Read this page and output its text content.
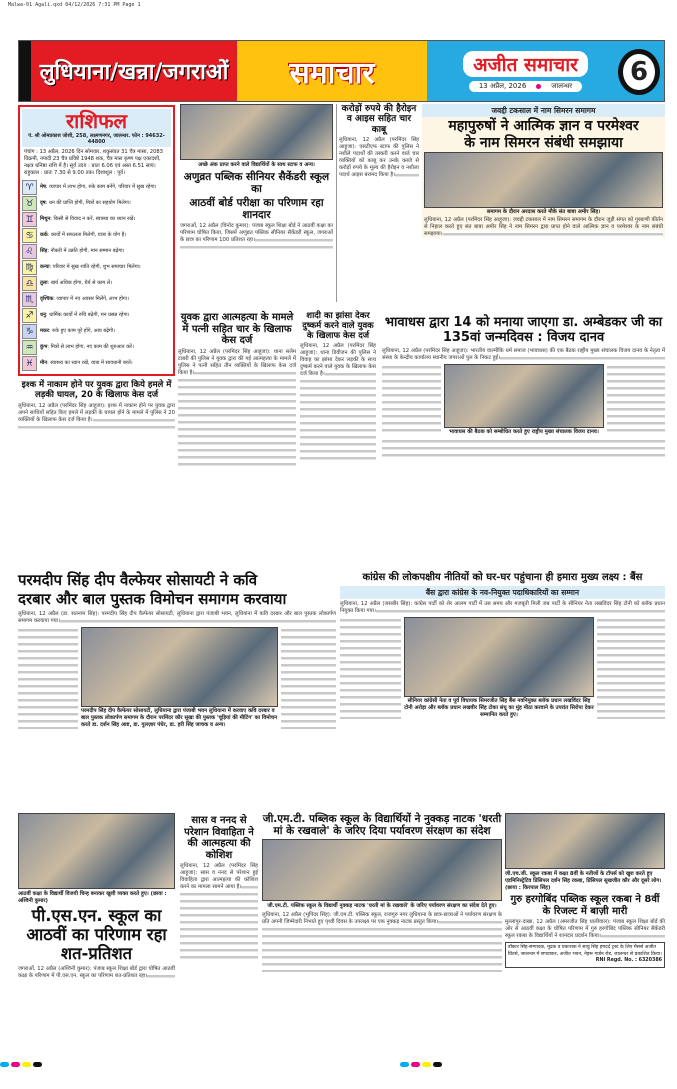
Malwa-01 Agali.qxd 04/12/2026 7:31 PM Page 1
लुधियाना/खन्ना/जगराओं	समाचार	अजीत समाचार
13 अप्रैल, 2026	जालन्धर	6
राशिफल
पं. श्री ओमप्रकाश जोशी, 258, लक्ष्मणनगर, जालन्धर. फोन : 94632-44800
पंचांग : 13 अप्रैल, 2026 दिन सोमवार, शकुसंवत 31 चैत्र मासा, 2083 विक्रमी, नपादी 23 चैत्र प्रविष्टे 1948 शक, चैत्र मास कृष्ण पक्ष एकादशी, नक्षत्र धनिष्ठा राशि में है। सूर्य उदय : प्रातः 6.06 एवं अस्त 6.51 सायं। राहुकाल : प्रातः 7.30 से 9.00 तक। दिशाशूल : पूर्व।
♈	मेष: व्यापार में लाभ होगा, रुके काम बनेंगे, परिवार में सुख रहेगा।
♉	वृष: धन की प्राप्ति होगी, मित्रों का सहयोग मिलेगा।
♊	मिथुन: किसी से विवाद न करें, स्वास्थ्य का ध्यान रखें।
♋	कर्क: कार्यों में सफलता मिलेगी, यात्रा के योग हैं।
♌	सिंह: नौकरी में उन्नति होगी, मान सम्मान बढ़ेगा।
♍	कन्या: परिवार में सुख शांति रहेगी, शुभ समाचार मिलेगा।
♎	तुला: खर्च अधिक होगा, धैर्य से काम लें।
♏	वृश्चिक: व्यापार में नए अवसर मिलेंगे, लाभ होगा।
♐	धनु: धार्मिक कार्यों में रुचि बढ़ेगी, मन प्रसन्न रहेगा।
♑	मकर: रुके हुए काम पूरे होंगे, आय बढ़ेगी।
♒	कुंभ: मित्रों से लाभ होगा, नए काम की शुरुआत करें।
♓	मीन: स्वास्थ्य का ध्यान रखें, यात्रा में सावधानी बरतें।
इश्क में नाकाम होने पर युवक द्वारा किये हमले में लड़की घायल, 20 के खिलाफ केस दर्ज
लुधियाना, 12 अप्रैल (परमिंदर सिंह आहूजा): इश्क में नाकाम होने पर युवक द्वारा अपने साथियों सहित किए हमले में लड़की के घायल होने के मामले में पुलिस ने 20 व्यक्तियों के खिलाफ केस दर्ज किया है।
अच्छे अंक प्राप्त करने वाले विद्यार्थियों के साथ स्टाफ व अन्य।
अणुव्रत पब्लिक सीनियर सैकेंडरी स्कूल का
आठवीं बोर्ड परीक्षा का परिणाम रहा शानदार
जगराओं, 12 अप्रैल (विनोद कुमार): पंजाब स्कूल शिक्षा बोर्ड ने आठवीं कक्षा का परिणाम घोषित किया, जिसमें अणुव्रत पब्लिक सीनियर सैकेंडरी स्कूल, जगराओं के छात्र का परिणाम 100 प्रतिशत रहा।
करोड़ों रुपये की हैरोइन व आइस सहित चार काबू
लुधियाना, 12 अप्रैल (परमिंदर सिंह आहूजा): एसटीएफ स्टाफ की पुलिस ने नशीले पदार्थों की तस्करी करने वाले चार व्यक्तियों को काबू कर उनके कब्जे से करोड़ों रुपये के मूल्य की हैरोइन व नशीला पदार्थ आइस बरामद किया है।
जवद्दी टकसाल में नाम सिमरन समागम
महापुरुषों ने आत्मिक ज्ञान व परमेश्वर
के नाम सिमरन संबंधी समझाया
समागम के दौरान अरदास करते मौके संत बाबा अमीर सिंह।
लुधियाना, 12 अप्रैल (परमिंदर सिंह आहूजा): जवद्दी टकसाल में नाम सिमरन समागम के दौरान जुड़ी संगत को गुरबाणी कीर्तन से निहाल करते हुए संत बाबा अमीर सिंह ने नाम सिमरन द्वारा प्राप्त होने वाले आत्मिक ज्ञान व परमेश्वर के नाम संबंधी समझाया।
युवक द्वारा आत्महत्या के मामले में पत्नी सहित चार के खिलाफ केस दर्ज
लुधियाना, 12 अप्रैल (परमिंदर सिंह आहूजा): थाना सलेम टाबरी की पुलिस ने युवक द्वारा की गई आत्महत्या के मामले में पुलिस ने पत्नी सहित तीन व्यक्तियों के खिलाफ केस दर्ज किया है।
शादी का झांसा देकर दुष्कर्म करने वाले युवक के खिलाफ केस दर्ज
लुधियाना, 12 अप्रैल (परमिंदर सिंह आहूजा): थाना डिवीजन की पुलिस ने विवाह का झांसा देकर लड़की के साथ दुष्कर्म करने वाले युवक के खिलाफ केस दर्ज किया है।
भावाधस द्वारा 14 को मनाया जाएगा डा. अम्बेडकर जी का 135वां जन्मदिवस : विजय दानव
लुधियाना, 12 अप्रैल (परमिंदर सिंह आहूजा): भारतीय वाल्मीकि धर्म समाज (भावाधस) की एक बैठक राष्ट्रीय मुख्य संचालक विजय दानव के नेतृत्व में संस्था के केन्द्रीय कार्यालय स्थानीय जगराओं पुल के निकट हुई।
भावाधस की बैठक को सम्बोधित करते हुए राष्ट्रीय मुख्य संचालक विजय दानव।
परमदीप सिंह दीप वैल्फेयर सोसायटी ने कवि
दरबार और बाल पुस्तक विमोचन समागम करवाया
लुधियाना, 12 अप्रैल (डा. सतनाम सिंह): परमदीप सिंह दीप वैल्फेयर सोसायटी, लुधियाना द्वारा पंजाबी भवन, लुधियाना में कवि दरबार और बाल पुस्तक लोकार्पण समागम करवाया गया।
परमदीप सिंह दीप वैल्फेयर सोसायटी, लुधियाना द्वारा पंजाबी भवन लुधियाना में करवाए कवि दरबार व बाल पुस्तक लोकार्पण समागम के दौरान परमिंदर कौर सूखा की पुस्तक 'चूड़ियां की मीटिंग' का विमोचन करते डा. दर्शन सिंह आष्ट, डा. गुलज़ार पंधेर, डा. हरी सिंह जाचक व अन्य।
कांग्रेस की लोकपक्षीय नीतियों को घर-घर पहुंचाना ही हमारा मुख्य लक्ष्य : बैंस
बैंस द्वारा कांग्रेस के नव-नियुक्त पदाधिकारियों का सम्मान
लुधियाना, 12 अप्रैल (जसबीर सिंह): कांग्रेस पार्टी को शेर आलम पार्टी में उस समय और मजबूती मिली जब पार्टी के सीनियर नेता लखविंदर सिंह टोनी को ब्लॉक प्रधान नियुक्त किया गया।
सीनियर कांग्रेसी नेता व पूर्व विधायक सिमरजीत सिंह बैंस नवनियुक्त ब्लॉक प्रधान लखविंदर सिंह टोनी अरोड़ा और ब्लॉक प्रधान लखवीर सिंह टोका संधू का मुंह मीठा करवाने के उपरांत सिरोपा देकर सम्मानित करते हुए।
आठवीं कक्षा के विद्यार्थी विजयी चिन्ह बनाकर खुशी व्यक्त करते हुए। (छाया : अश्विनी कुमार)
पी.एस.एन. स्कूल का आठवीं का परिणाम रहा शत-प्रतिशत
जगराओं, 12 अप्रैल (अश्विनी कुमार): पंजाब स्कूल शिक्षा बोर्ड द्वारा घोषित आठवीं कक्षा के परिणाम में पी.एस.एन. स्कूल का परिणाम शत-प्रतिशत रहा।
सास व ननद से परेशान विवाहिता ने की आत्महत्या की कोशिश
लुधियाना, 12 अप्रैल (परमिंदर सिंह आहूजा): सास व ननद से परेशान हुई विवाहिता द्वारा आत्महत्या की कोशिश करने का मामला सामने आया है।
जी.एम.टी. पब्लिक स्कूल के विद्यार्थियों ने नुक्कड़ नाटक 'धरती मां के रखवाले' के जरिए दिया पर्यावरण संरक्षण का संदेश
जी.एम.टी. पब्लिक स्कूल के विद्यार्थी नुक्कड़ नाटक 'धरती मां के रखवाले' के जरिए पर्यावरण संरक्षण का संदेश देते हुए।
लुधियाना, 12 अप्रैल (भूपिंदर सिंह): जी.एम.टी. पब्लिक स्कूल, राजगुरु नगर लुधियाना के छात्र-छात्राओं ने पर्यावरण संरक्षण के प्रति अपनी जिम्मेदारी निभाते हुए पृथ्वी दिवस के उपलक्ष्य पर एक नुक्कड़ नाटक प्रस्तुत किया।
जी.एच.जी. स्कूल रकबा में कक्षा 8वीं के नतीजों के टॉपर्स को खुश करते हुए एडमिनिस्ट्रेटिव प्रिंसिपल दर्शन सिंह रकबा, प्रिंसिपल सुखजीत कौर और दूसरे लोग। (छाया : किरपाल सिंह)
गुरु हरगोबिंद पब्लिक स्कूल रकबा ने 8वीं के रिजल्ट में बाज़ी मारी
मुल्लांपुर-दाखा, 12 अप्रैल (अमरजीत सिंह धालीवाल): पंजाब स्कूल शिक्षा बोर्ड की ओर से आठवीं कक्षा के घोषित परिणाम में गुरु हरगोबिंद पब्लिक सीनियर सैकेंडरी स्कूल रकबा के विद्यार्थियों ने शानदार प्रदर्शन किया।
डॉक्टर सिंह-सम्पादक, मुद्रक व प्रकाशक ने साधु सिंह हमदर्द ट्रस्ट के लिए मैसर्स अजीत प्रिंटर्स, जालन्धर में छपवाकर, अजीत भवन, नेहरू गार्डन रोड, जालन्धर से प्रकाशित किया।
RNI Regd. No. : 6320386
